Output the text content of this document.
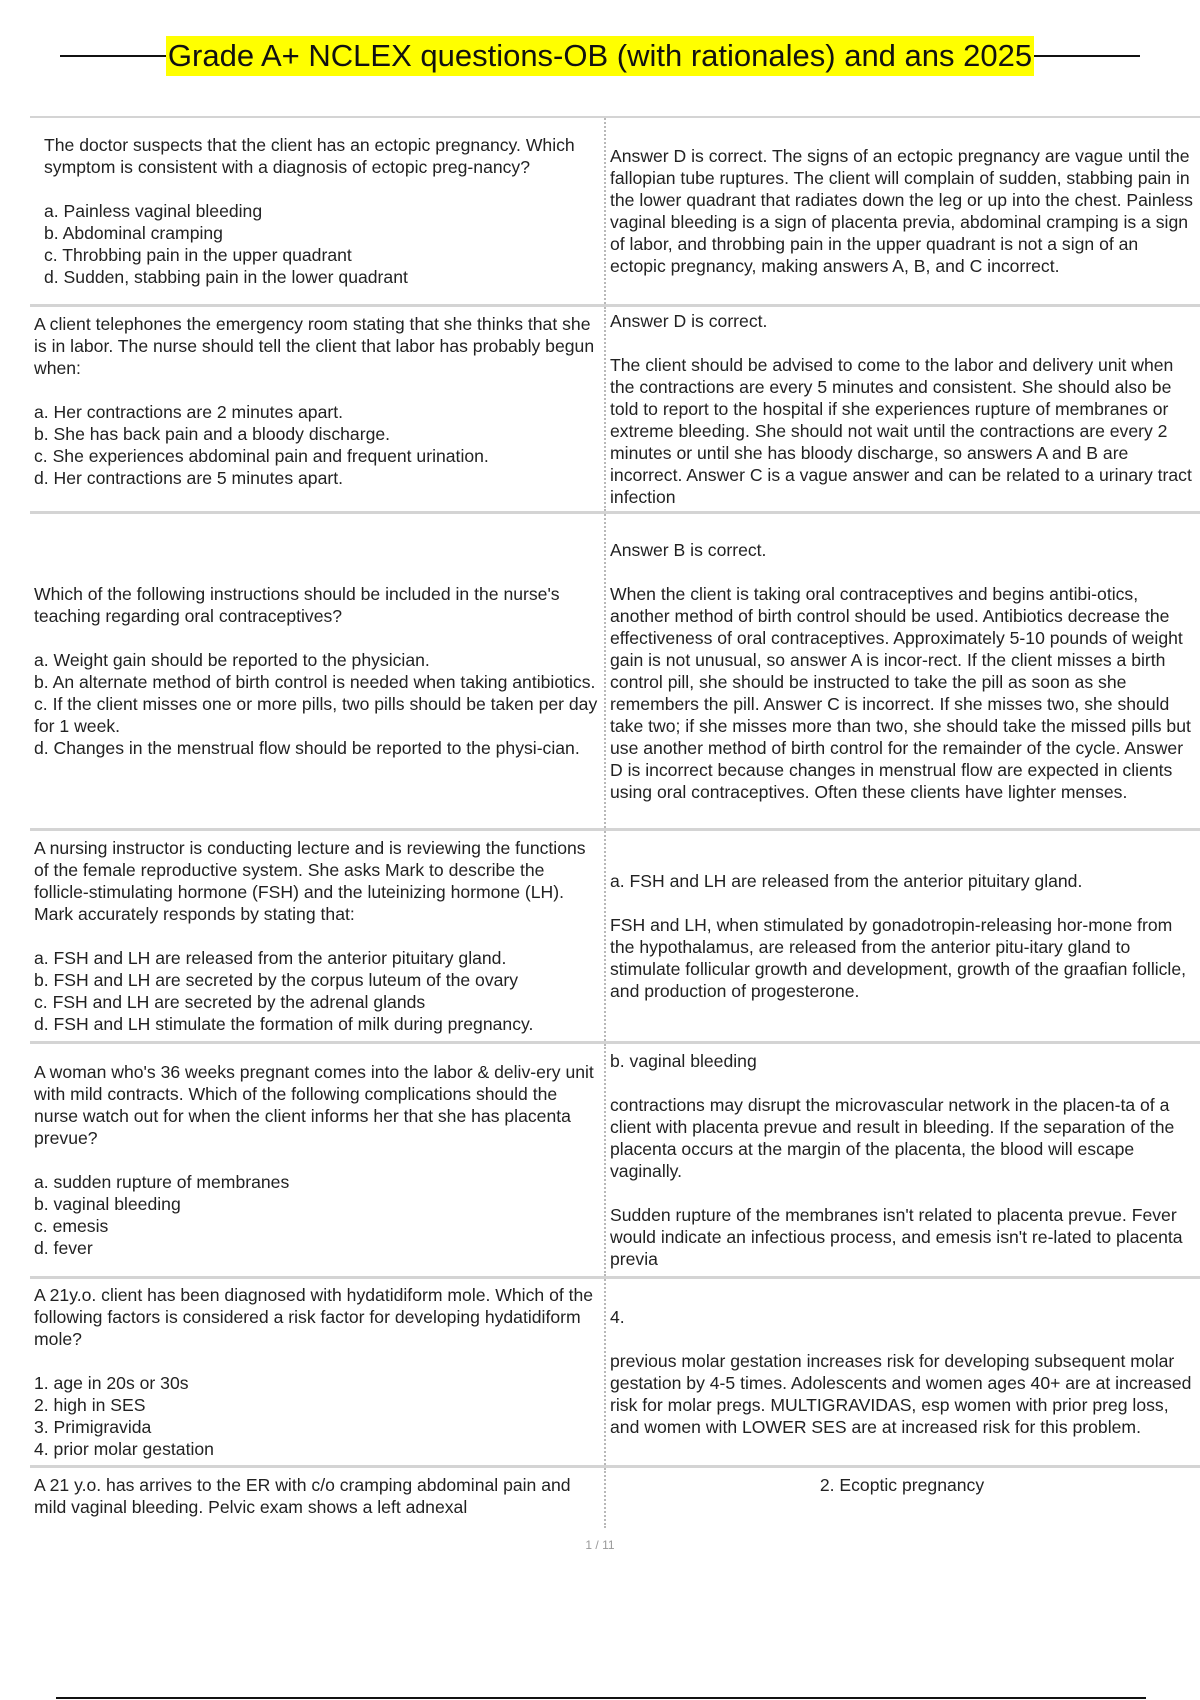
Grade A+ NCLEX questions-OB (with rationales) and ans 2025

The doctor suspects that the client has an ectopic pregnancy. Which symptom is consistent with a diagnosis of ectopic preg-nancy?

a. Painless vaginal bleeding

b. Abdominal cramping

c. Throbbing pain in the upper quadrant

d. Sudden, stabbing pain in the lower quadrant

Answer D is correct. The signs of an ectopic pregnancy are vague until the fallopian tube ruptures. The client will complain of sudden, stabbing pain in the lower quadrant that radiates down the leg or up into the chest. Painless vaginal bleeding is a sign of placenta previa, abdominal cramping is a sign of labor, and throbbing pain in the upper quadrant is not a sign of an ectopic pregnancy, making answers A, B, and C incorrect.

A client telephones the emergency room stating that she thinks that she is in labor. The nurse should tell the client that labor has probably begun when:

a. Her contractions are 2 minutes apart.

b. She has back pain and a bloody discharge.

c. She experiences abdominal pain and frequent urination.

d. Her contractions are 5 minutes apart.

Answer D is correct.

The client should be advised to come to the labor and delivery unit when the contractions are every 5 minutes and consistent. She should also be told to report to the hospital if she experiences rupture of membranes or extreme bleeding. She should not wait until the contractions are every 2 minutes or until she has bloody discharge, so answers A and B are incorrect. Answer C is a vague answer and can be related to a urinary tract infection

Which of the following instructions should be included in the nurse's teaching regarding oral contraceptives?

a. Weight gain should be reported to the physician.

b. An alternate method of birth control is needed when taking antibiotics.

c. If the client misses one or more pills, two pills should be taken per day for 1 week.

d. Changes in the menstrual flow should be reported to the physi-cian.

Answer B is correct.

When the client is taking oral contraceptives and begins antibi-otics, another method of birth control should be used. Antibiotics decrease the effectiveness of oral contraceptives. Approximately 5-10 pounds of weight gain is not unusual, so answer A is incor-rect. If the client misses a birth control pill, she should be instructed to take the pill as soon as she remembers the pill. Answer C is incorrect. If she misses two, she should take two; if she misses more than two, she should take the missed pills but use another method of birth control for the remainder of the cycle. Answer D is incorrect because changes in menstrual flow are expected in clients using oral contraceptives. Often these clients have lighter menses.

A nursing instructor is conducting lecture and is reviewing the functions of the female reproductive system. She asks Mark to describe the follicle-stimulating hormone (FSH) and the luteinizing hormone (LH). Mark accurately responds by stating that:

a. FSH and LH are released from the anterior pituitary gland.

b. FSH and LH are secreted by the corpus luteum of the ovary

c. FSH and LH are secreted by the adrenal glands

d. FSH and LH stimulate the formation of milk during pregnancy.

a. FSH and LH are released from the anterior pituitary gland.

FSH and LH, when stimulated by gonadotropin-releasing hor-mone from the hypothalamus, are released from the anterior pitu-itary gland to stimulate follicular growth and development, growth of the graafian follicle, and production of progesterone.

A woman who's 36 weeks pregnant comes into the labor & deliv-ery unit with mild contracts. Which of the following complications should the nurse watch out for when the client informs her that she has placenta prevue?

a. sudden rupture of membranes

b. vaginal bleeding

c. emesis

d. fever

b. vaginal bleeding

contractions may disrupt the microvascular network in the placen-ta of a client with placenta prevue and result in bleeding. If the separation of the placenta occurs at the margin of the placenta, the blood will escape vaginally.

Sudden rupture of the membranes isn't related to placenta prevue. Fever would indicate an infectious process, and emesis isn't re-lated to placenta previa

A 21y.o. client has been diagnosed with hydatidiform mole. Which of the following factors is considered a risk factor for developing hydatidiform mole?

1. age in 20s or 30s

2. high in SES

3. Primigravida

4. prior molar gestation

4.

previous molar gestation increases risk for developing subsequent molar gestation by 4-5 times. Adolescents and women ages 40+ are at increased risk for molar pregs. MULTIGRAVIDAS, esp women with prior preg loss, and women with LOWER SES are at increased risk for this problem.

A 21 y.o. has arrives to the ER with c/o cramping abdominal pain and mild vaginal bleeding. Pelvic exam shows a left adnexal

2. Ecoptic pregnancy

1 / 11
